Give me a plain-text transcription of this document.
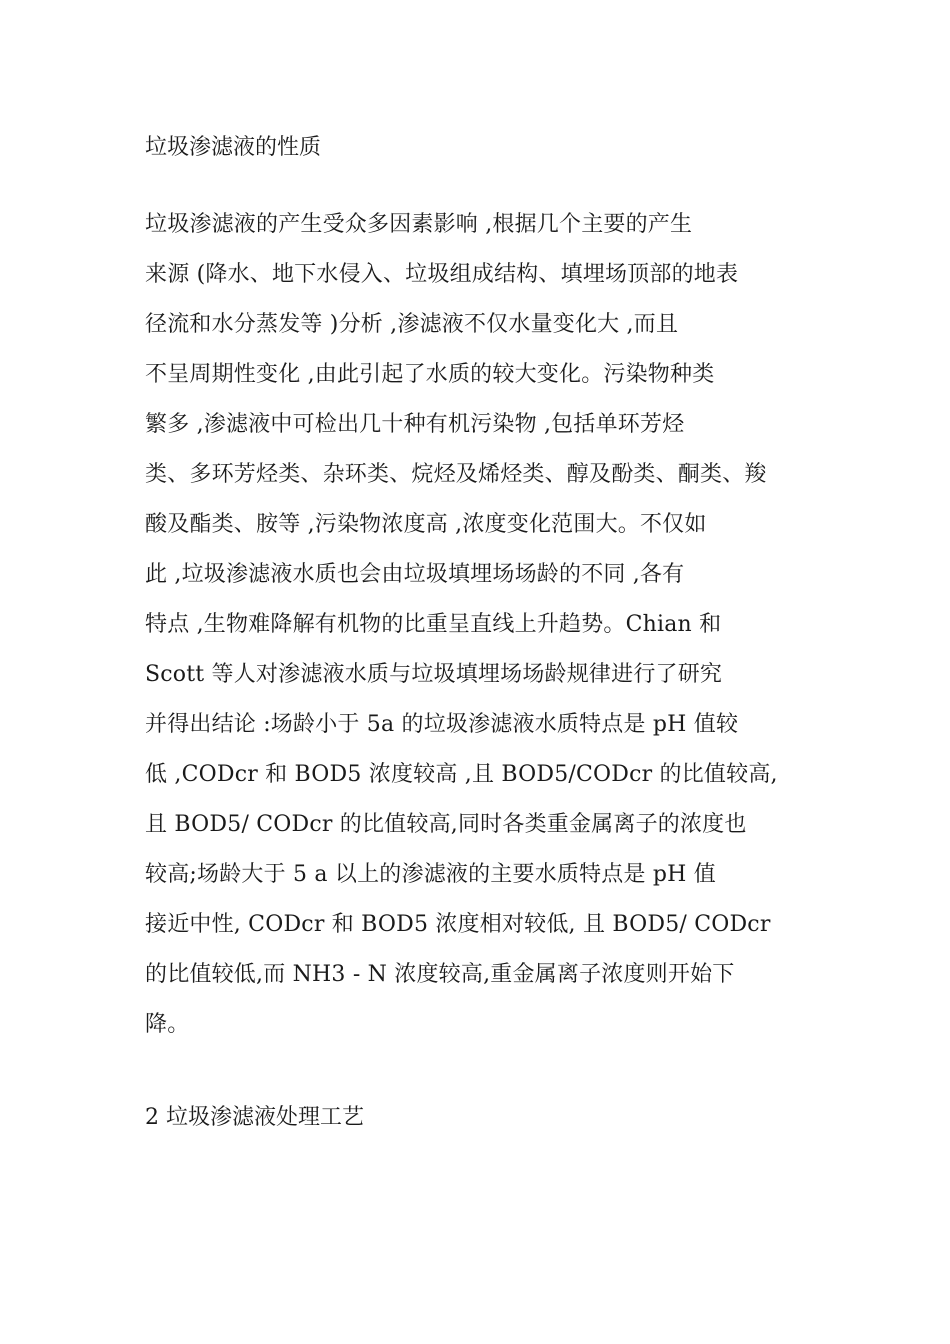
垃圾渗滤液的性质
垃圾渗滤液的产生受众多因素影响 ,根据几个主要的产生
来源 (降水、地下水侵入、垃圾组成结构、填埋场顶部的地表
径流和水分蒸发等 )分析 ,渗滤液不仅水量变化大 ,而且
不呈周期性变化 ,由此引起了水质的较大变化。污染物种类
繁多 ,渗滤液中可检出几十种有机污染物 ,包括单环芳烃
类、多环芳烃类、杂环类、烷烃及烯烃类、醇及酚类、酮类、羧
酸及酯类、胺等 ,污染物浓度高 ,浓度变化范围大。不仅如
此 ,垃圾渗滤液水质也会由垃圾填埋场场龄的不同 ,各有
特点 ,生物难降解有机物的比重呈直线上升趋势。Chian 和
Scott 等人对渗滤液水质与垃圾填埋场场龄规律进行了研究
并得出结论 :场龄小于 5a 的垃圾渗滤液水质特点是 pH 值较
低 ,CODcr 和 BOD5 浓度较高 ,且 BOD5/CODcr 的比值较高,
且 BOD5/ CODcr 的比值较高,同时各类重金属离子的浓度也
较高;场龄大于 5 a 以上的渗滤液的主要水质特点是 pH 值
接近中性, CODcr 和 BOD5 浓度相对较低, 且 BOD5/ CODcr
的比值较低,而 NH3 - N 浓度较高,重金属离子浓度则开始下
降。
2 垃圾渗滤液处理工艺
